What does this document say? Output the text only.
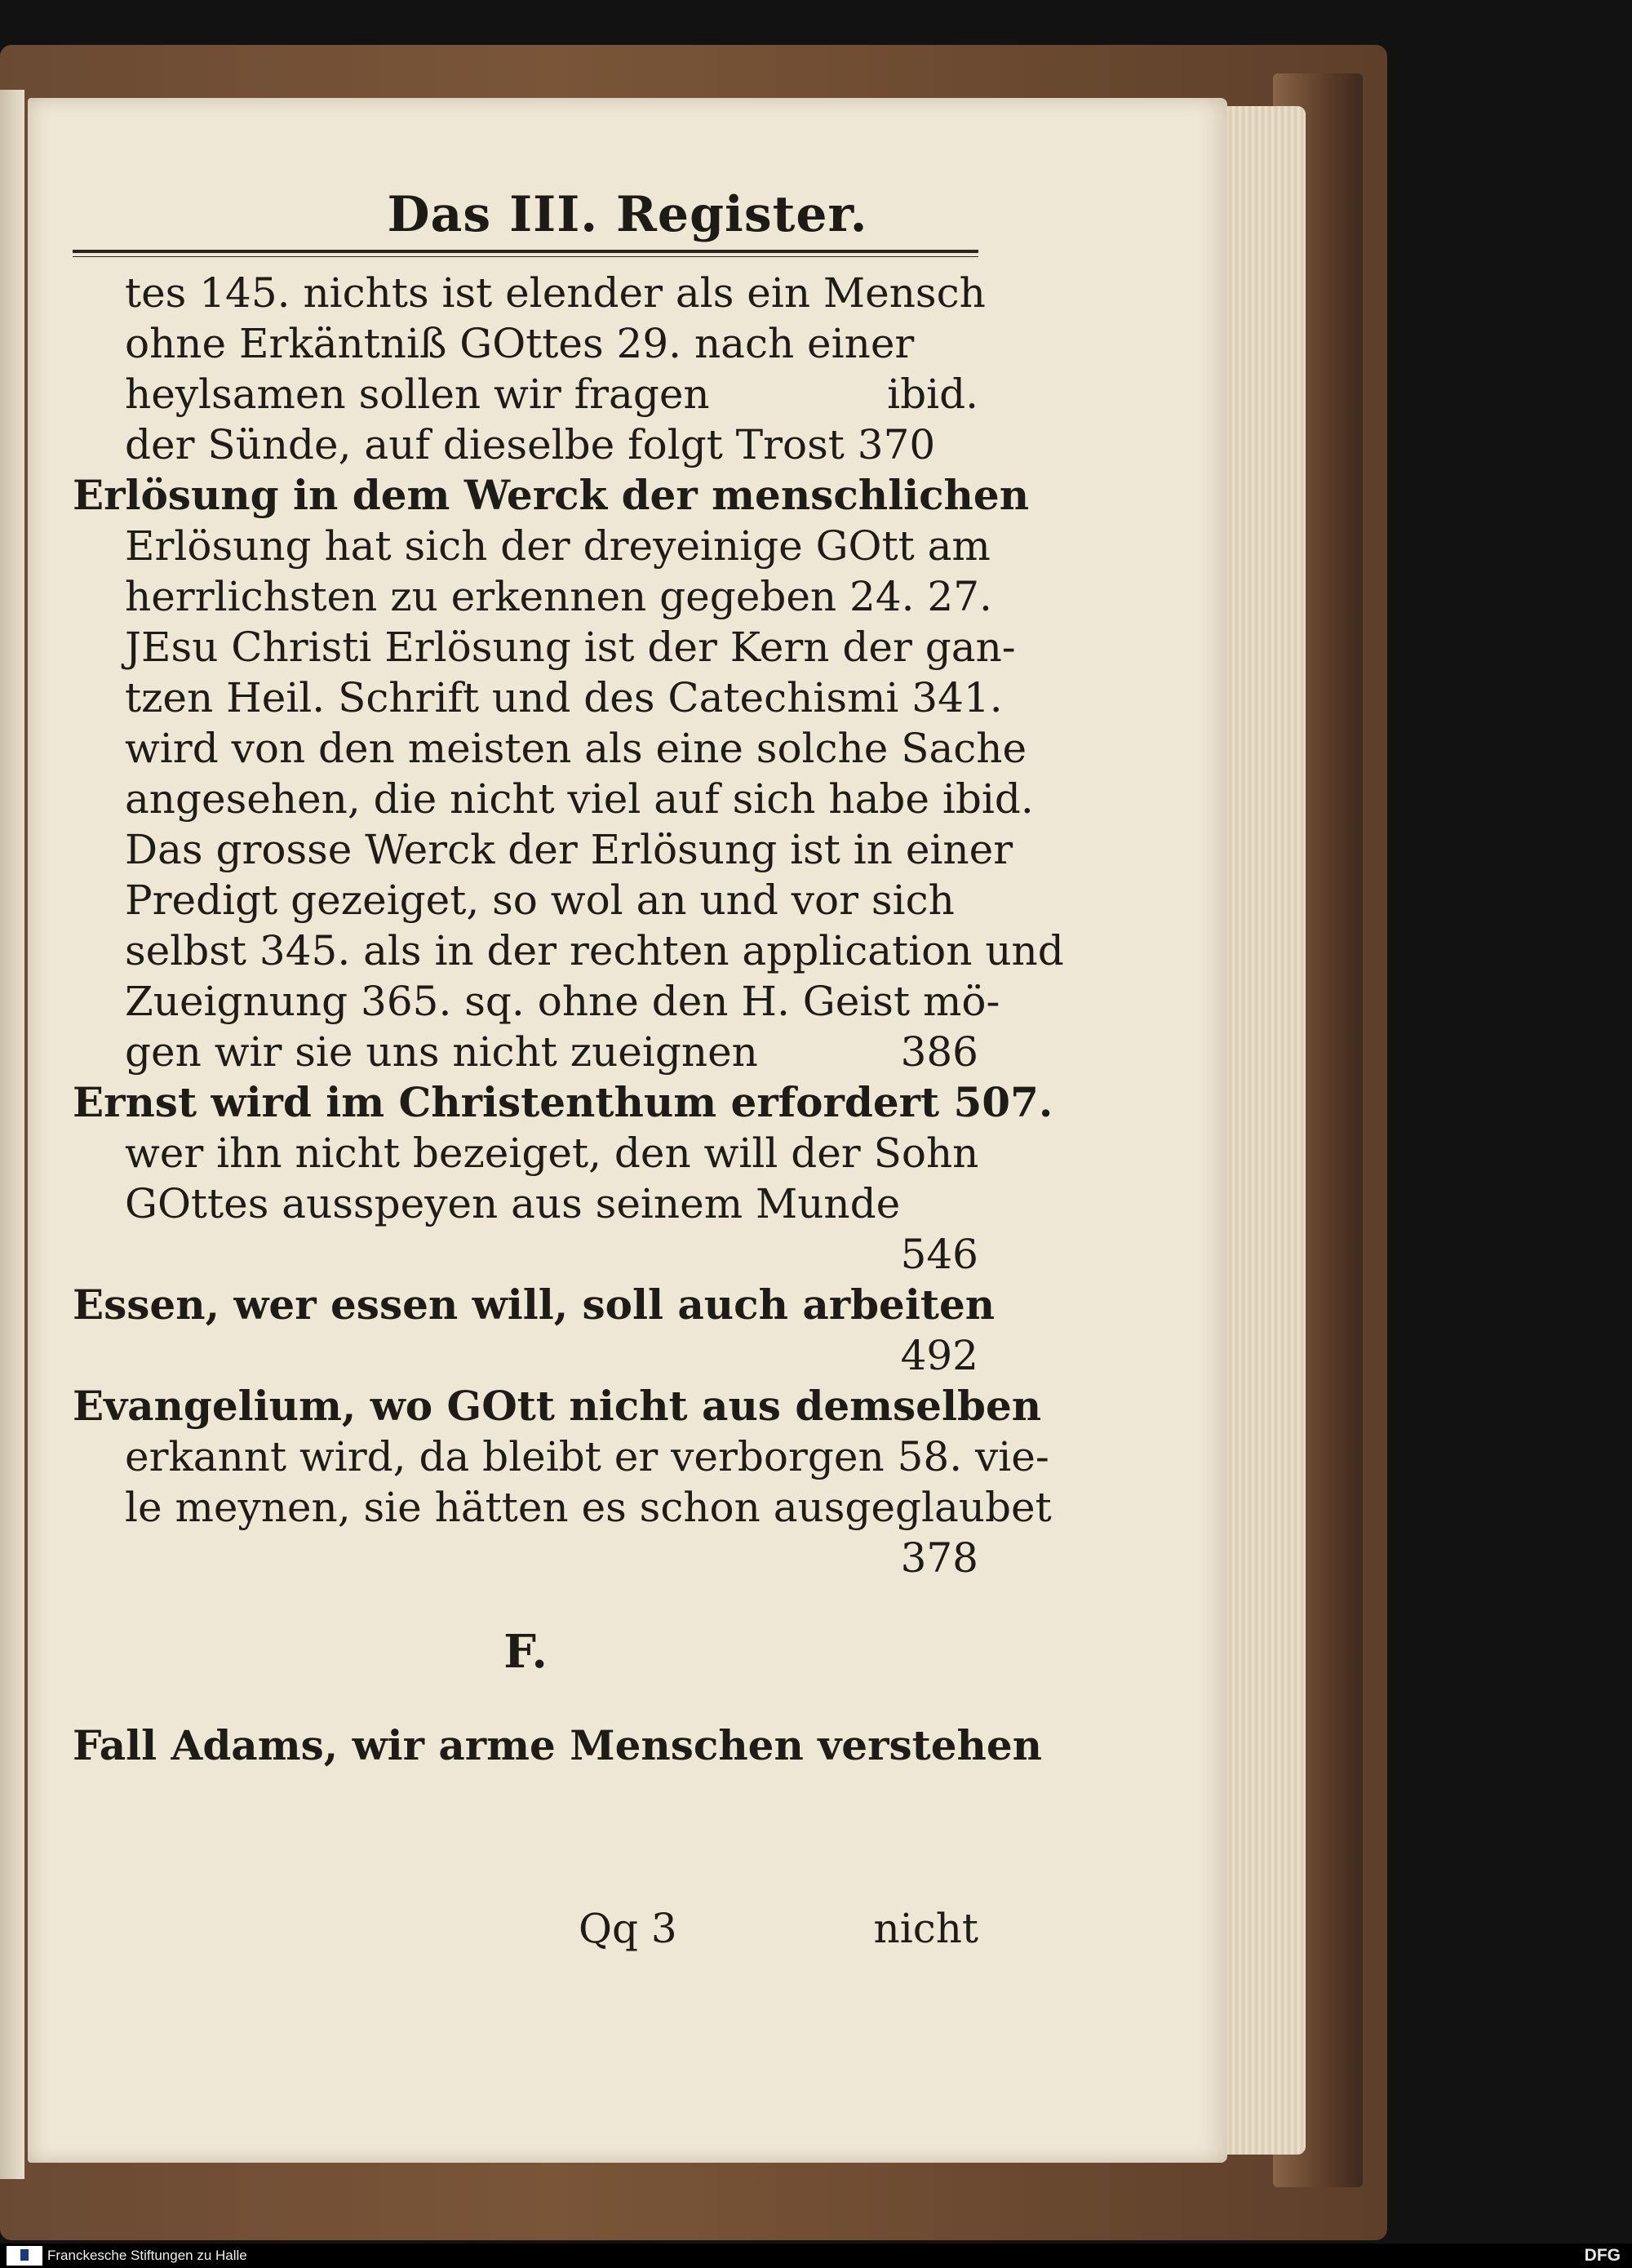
Das III. Register.
tes 145. nichts ist elender als ein Mensch
ohne Erkäntniß GOttes 29. nach einer
heylsamen sollen wir fragen	ibid.
der Sünde, auf dieselbe folgt Trost 370
Erlösung in dem Werck der menschlichen
Erlösung hat sich der dreyeinige GOtt am
herrlichsten zu erkennen gegeben 24. 27.
JEsu Christi Erlösung ist der Kern der gan-
tzen Heil. Schrift und des Catechismi 341.
wird von den meisten als eine solche Sache
angesehen, die nicht viel auf sich habe ibid.
Das grosse Werck der Erlösung ist in einer
Predigt gezeiget, so wol an und vor sich
selbst 345. als in der rechten application und
Zueignung 365. sq. ohne den H. Geist mö-
gen wir sie uns nicht zueignen	386
Ernst wird im Christenthum erfordert 507.
wer ihn nicht bezeiget, den will der Sohn
GOttes ausspeyen aus seinem Munde
546
Essen, wer essen will, soll auch arbeiten
492
Evangelium, wo GOtt nicht aus demselben
erkannt wird, da bleibt er verborgen 58. vie-
le meynen, sie hätten es schon ausgeglaubet
378
F.
Fall Adams, wir arme Menschen verstehen
Qq 3	nicht
Franckesche Stiftungen zu Halle	DFG
